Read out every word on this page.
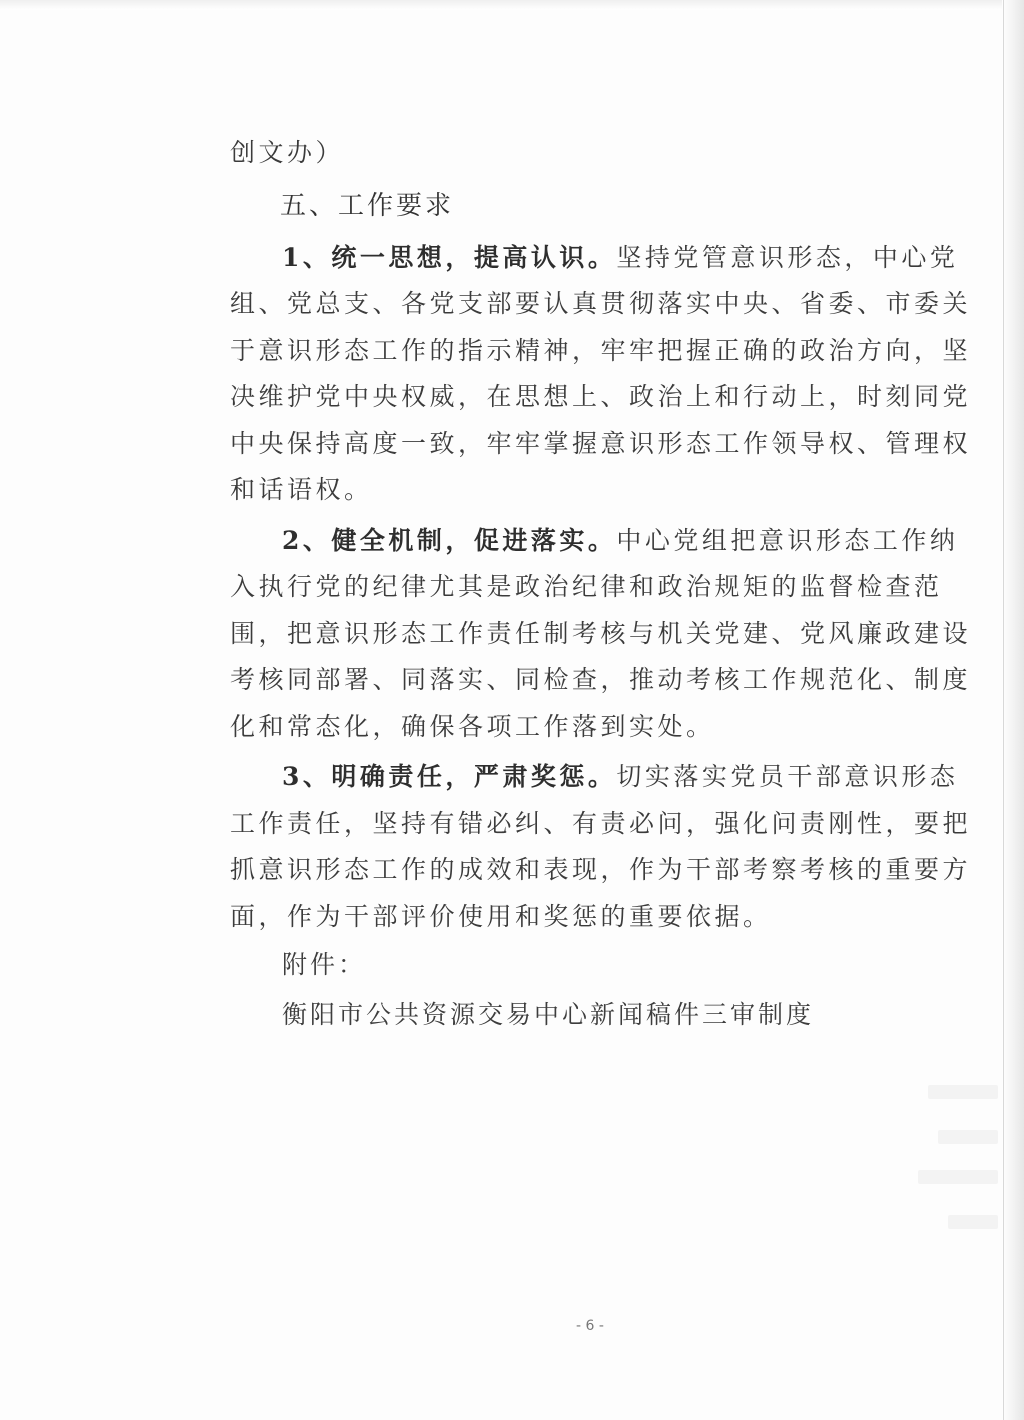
创文办）
五、工作要求
1、统一思想，提高认识。坚持党管意识形态，中心党
组、党总支、各党支部要认真贯彻落实中央、省委、市委关
于意识形态工作的指示精神，牢牢把握正确的政治方向，坚
决维护党中央权威，在思想上、政治上和行动上，时刻同党
中央保持高度一致，牢牢掌握意识形态工作领导权、管理权
和话语权。
2、健全机制，促进落实。中心党组把意识形态工作纳
入执行党的纪律尤其是政治纪律和政治规矩的监督检查范
围，把意识形态工作责任制考核与机关党建、党风廉政建设
考核同部署、同落实、同检查，推动考核工作规范化、制度
化和常态化，确保各项工作落到实处。
3、明确责任，严肃奖惩。切实落实党员干部意识形态
工作责任，坚持有错必纠、有责必问，强化问责刚性，要把
抓意识形态工作的成效和表现，作为干部考察考核的重要方
面，作为干部评价使用和奖惩的重要依据。
附件：
衡阳市公共资源交易中心新闻稿件三审制度
- 6 -
